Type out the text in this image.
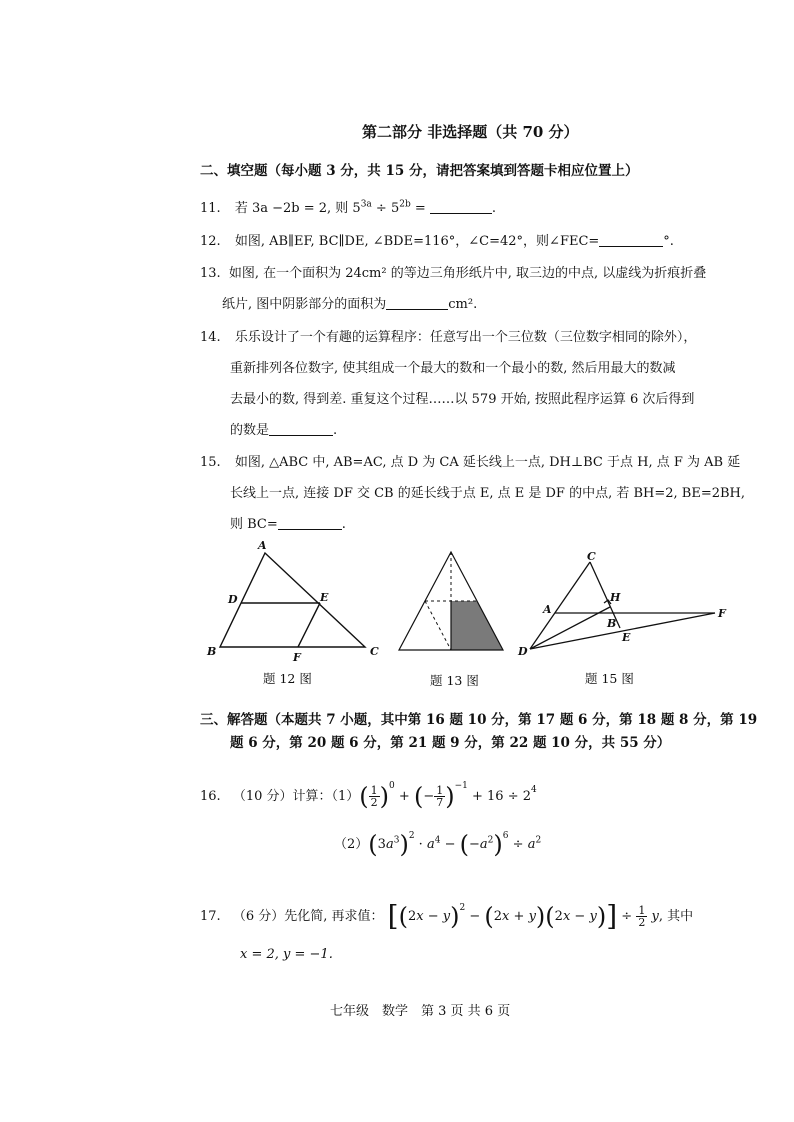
第二部分 非选择题（共 70 分）
二、填空题（每小题 3 分，共 15 分，请把答案填到答题卡相应位置上）
11. 若 3a −2b = 2, 则 $5^{3a} \div 5^{2b}$ =	.
12. 如图, AB∥EF, BC∥DE, ∠BDE=116°，∠C=42°，则∠FEC=	°.
13. 如图, 在一个面积为 24cm² 的等边三角形纸片中, 取三边的中点, 以虚线为折痕折叠
纸片, 图中阴影部分的面积为	cm².
14. 乐乐设计了一个有趣的运算程序：任意写出一个三位数（三位数字相同的除外），
重新排列各位数字, 使其组成一个最大的数和一个最小的数, 然后用最大的数减
去最小的数, 得到差. 重复这个过程……以 579 开始, 按照此程序运算 6 次后得到
的数是	.
15. 如图, △ABC 中, AB=AC, 点 D 为 CA 延长线上一点, DH⊥BC 于点 H, 点 F 为 AB 延
长线上一点, 连接 DF 交 CB 的延长线于点 E, 点 E 是 DF 的中点, 若 BH=2, BE=2BH,
则 BC=	.
A
D	E
B	F	C
题 12 图	题 13 图
C
H
A	F
B
E
D
题 15 图
三、解答题（本题共 7 小题，其中第 16 题 10 分，第 17 题 6 分，第 18 题 8 分，第 19
题 6 分，第 20 题 6 分，第 21 题 9 分，第 22 题 10 分，共 55 分）
16. （10 分）计算：$(1)( \frac{1}{2} )^0$ + (− $\frac{1}{7} )^{-1} + 16 \div 2^4$
$(2)(3a^3)^2 \cdot a^4 - (-a^2)^6 \div a^2$
17. （6 分）先化简, 再求值： $[(2x - y)^2 - (2x + y)(2x - y)] \div \frac{1}{2} y$, 其中
x = 2, y = −1.
七年级　数学　第 3 页 共 6 页
